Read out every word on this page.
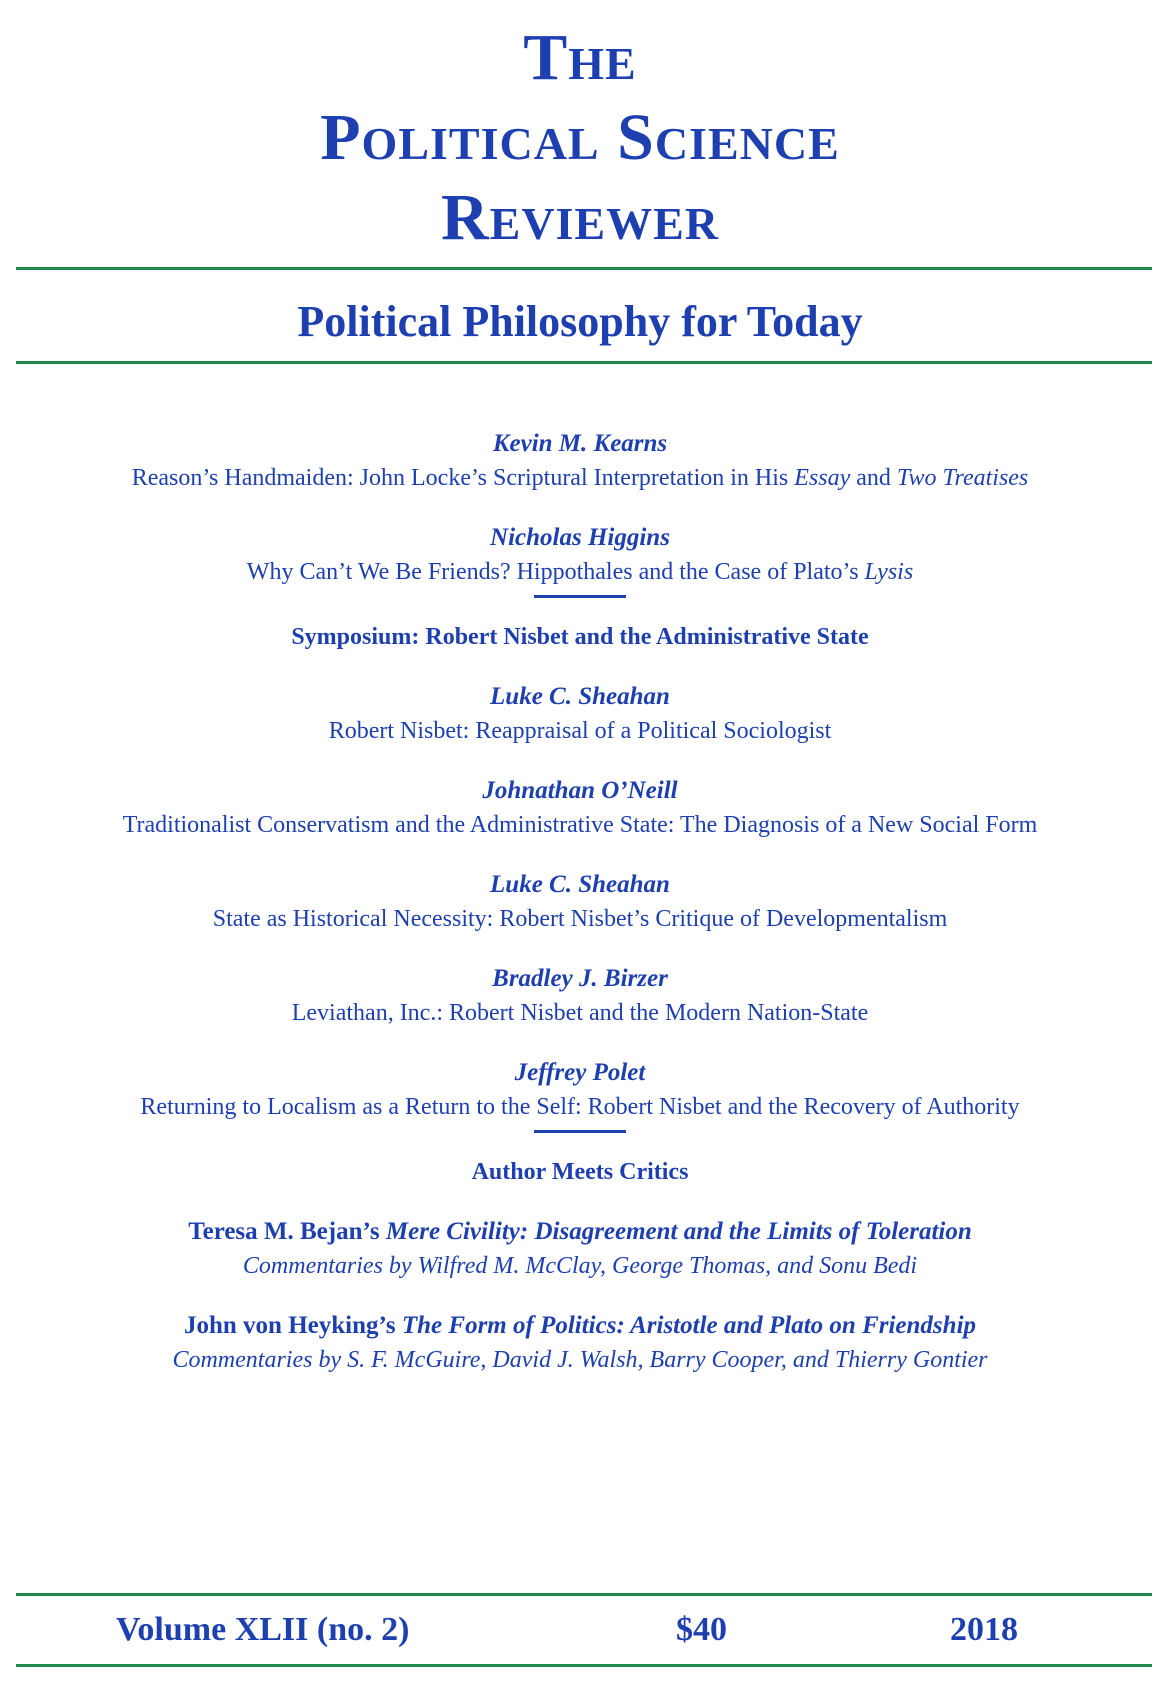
The
Political Science
Reviewer
Political Philosophy for Today
Kevin M. Kearns
Reason’s Handmaiden: John Locke’s Scriptural Interpretation in His Essay and Two Treatises
Nicholas Higgins
Why Can’t We Be Friends? Hippothales and the Case of Plato’s Lysis
Symposium: Robert Nisbet and the Administrative State
Luke C. Sheahan
Robert Nisbet: Reappraisal of a Political Sociologist
Johnathan O’Neill
Traditionalist Conservatism and the Administrative State: The Diagnosis of a New Social Form
Luke C. Sheahan
State as Historical Necessity: Robert Nisbet’s Critique of Developmentalism
Bradley J. Birzer
Leviathan, Inc.: Robert Nisbet and the Modern Nation-State
Jeffrey Polet
Returning to Localism as a Return to the Self: Robert Nisbet and the Recovery of Authority
Author Meets Critics
Teresa M. Bejan’s Mere Civility: Disagreement and the Limits of Toleration
Commentaries by Wilfred M. McClay, George Thomas, and Sonu Bedi
John von Heyking’s The Form of Politics: Aristotle and Plato on Friendship
Commentaries by S. F. McGuire, David J. Walsh, Barry Cooper, and Thierry Gontier
Volume XLII (no. 2)	$40	2018
